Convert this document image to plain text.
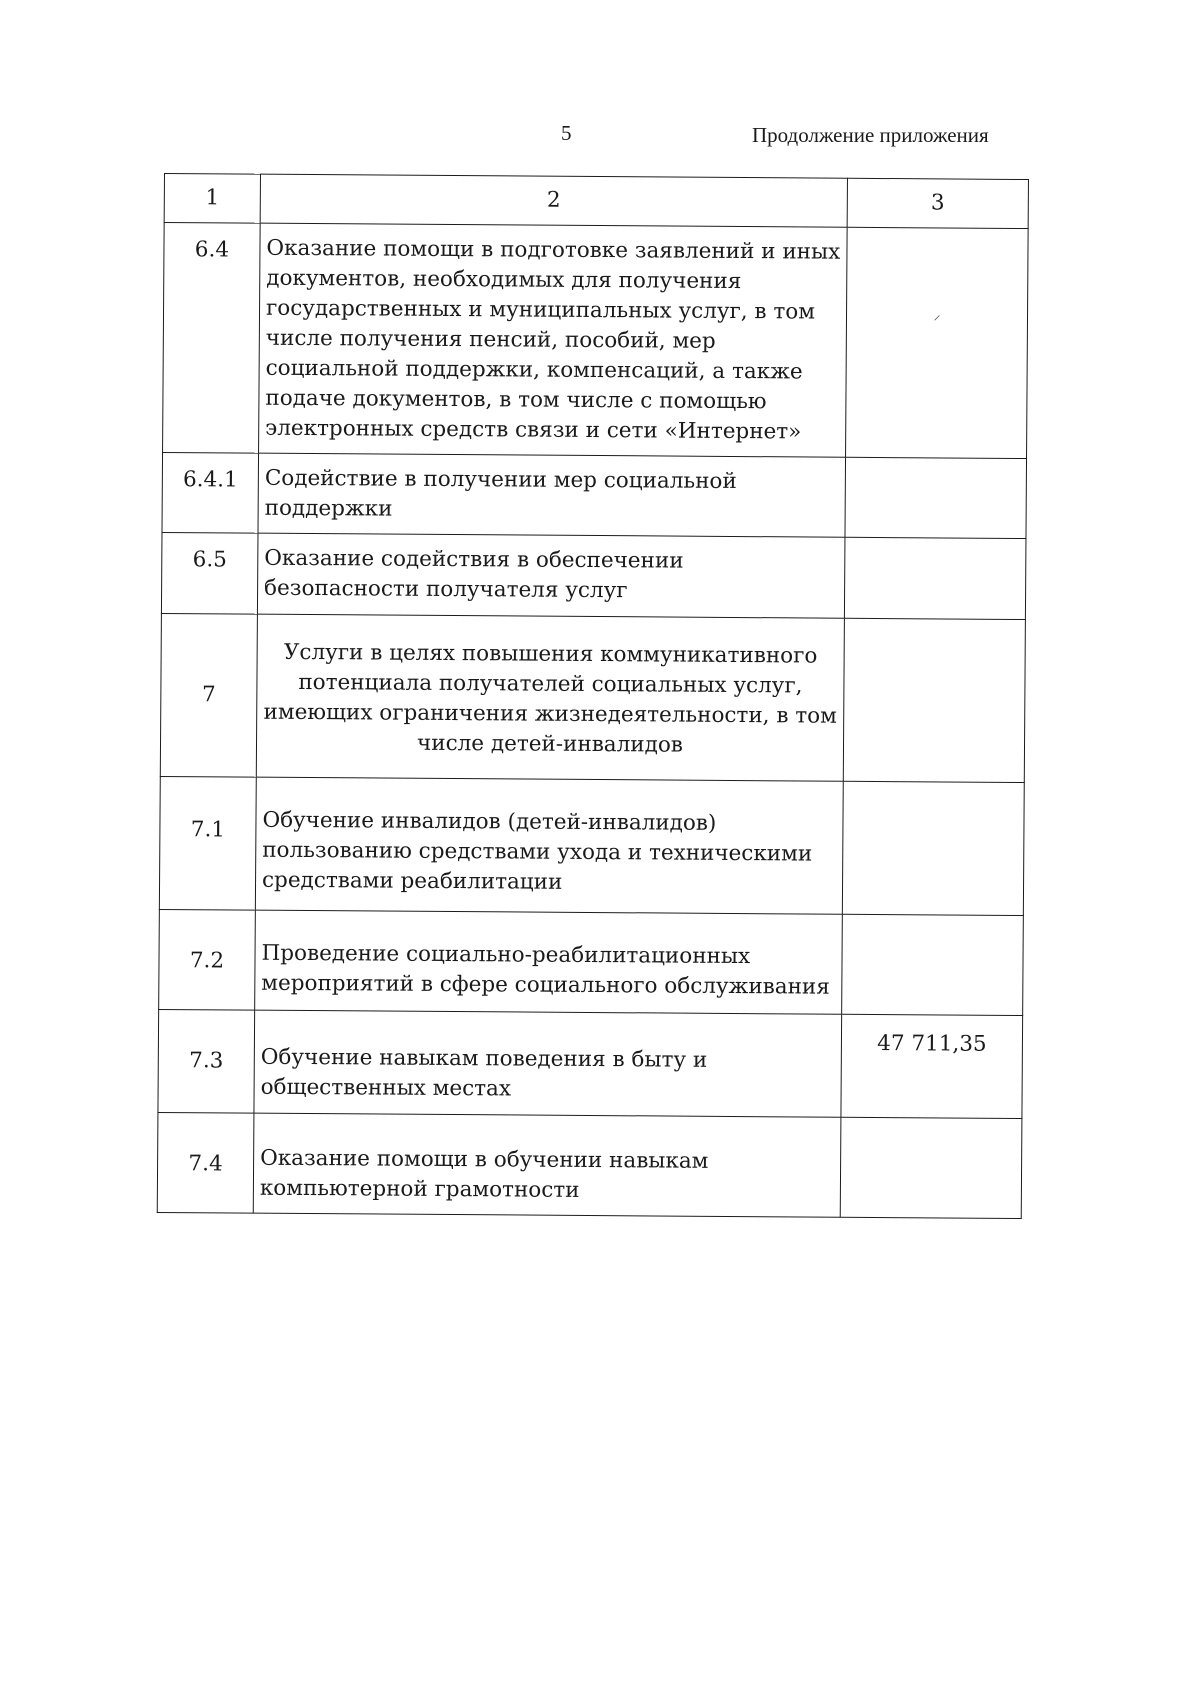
5	Продолжение приложения
1	2	3
6.4	Оказание помощи в подготовке заявлений и иных документов, необходимых для получения государственных и муниципальных услуг, в том числе получения пенсий, пособий, мер социальной поддержки, компенсаций, а также подаче документов, в том числе с помощью электронных средств связи и сети «Интернет»	⸝
6.4.1	Содействие в получении мер социальной поддержки	
6.5	Оказание содействия в обеспечении безопасности получателя услуг	
7	Услуги в целях повышения коммуникативного потенциала получателей социальных услуг, имеющих ограничения жизнедеятельности, в том числе детей-инвалидов	
7.1	Обучение инвалидов (детей-инвалидов) пользованию средствами ухода и техническими средствами реабилитации	
7.2	Проведение социально-реабилитационных мероприятий в сфере социального обслуживания	
7.3	Обучение навыкам поведения в быту и общественных местах	47 711,35
7.4	Оказание помощи в обучении навыкам компьютерной грамотности	
